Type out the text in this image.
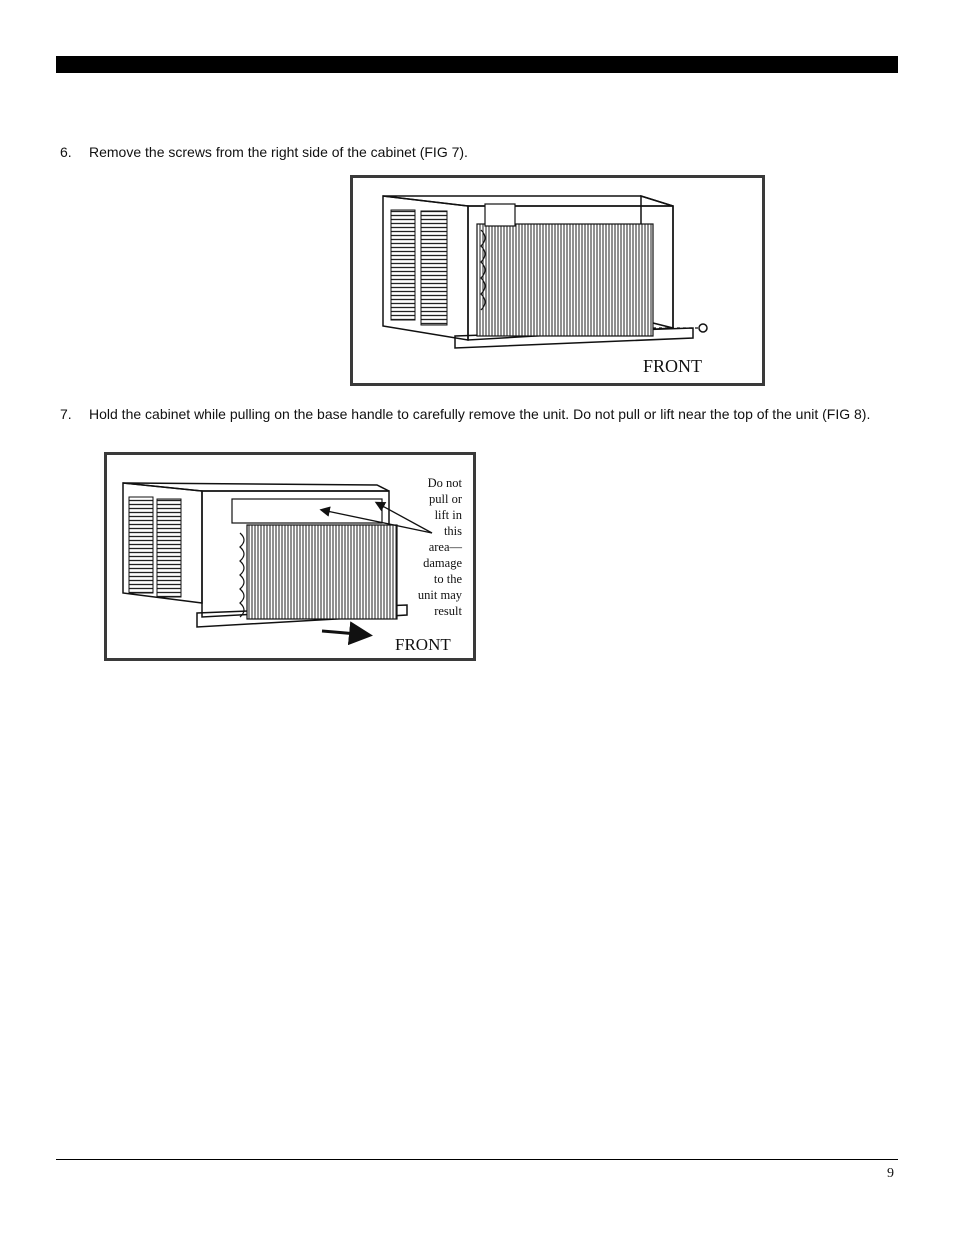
6. Remove the screws from the right side of the cabinet (FIG 7).
FRONT
7. Hold the cabinet while pulling on the base handle to carefully remove the unit. Do not pull or lift near the top of the unit (FIG 8).
Do not
pull or
lift in
this
area—
damage
to the
unit may
result
FRONT
9
